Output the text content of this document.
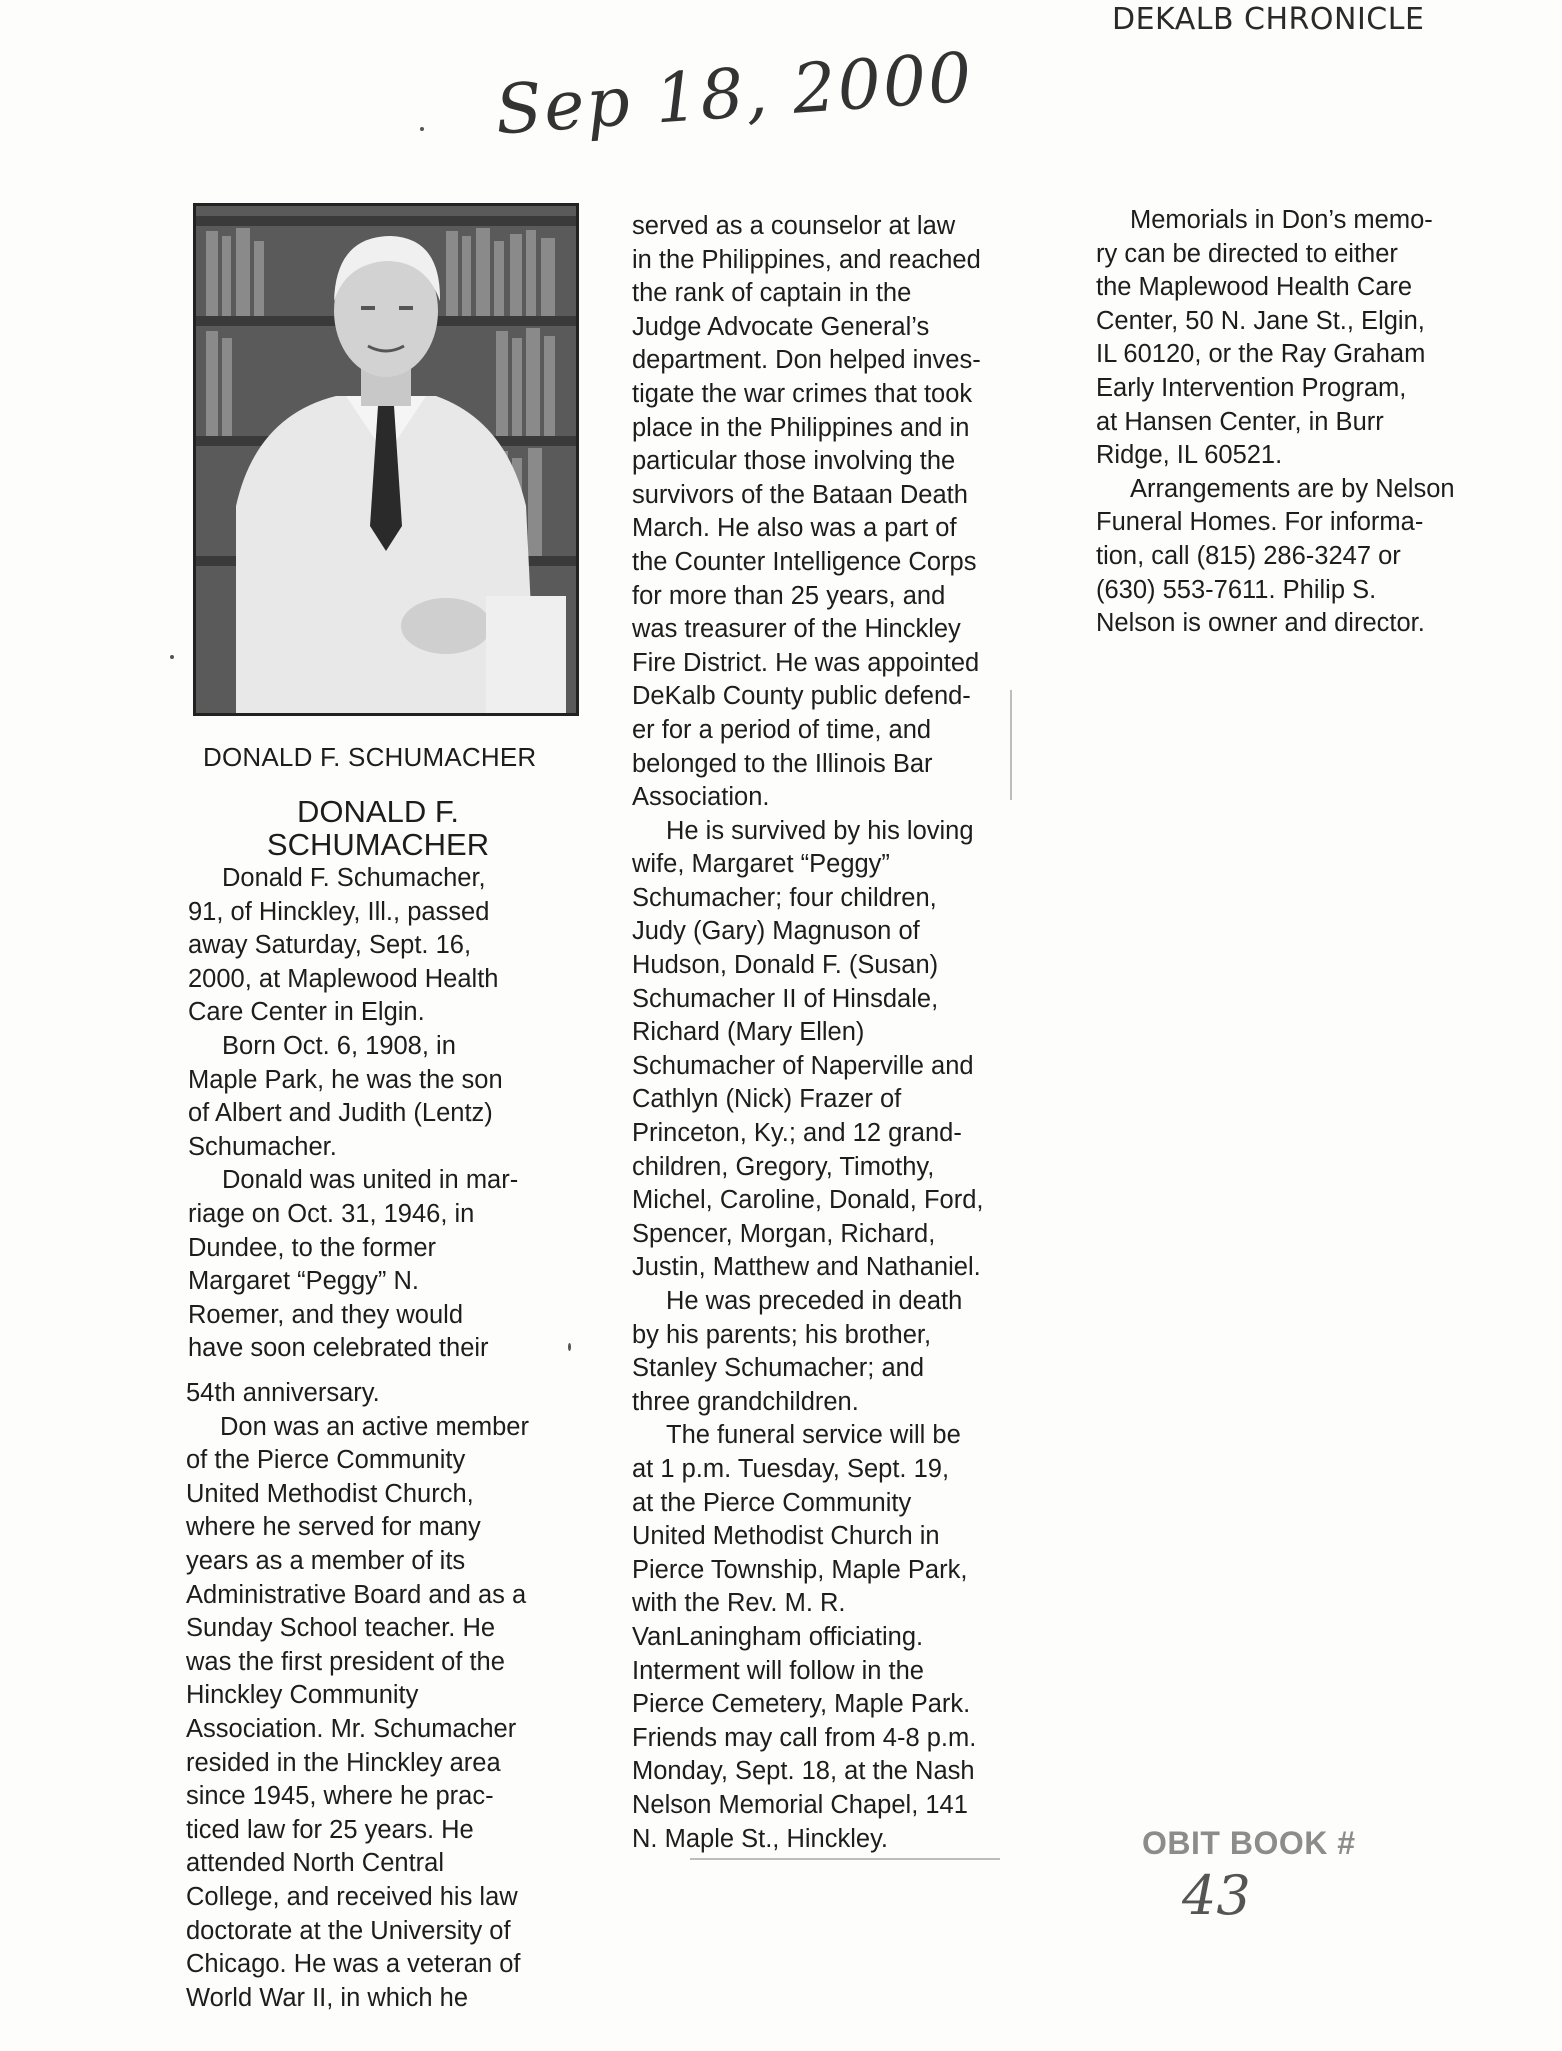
DEKALB CHRONICLE
Sep 18, 2000
DONALD F. SCHUMACHER
DONALD F.
SCHUMACHER

Donald F. Schumacher,

91, of Hinckley, Ill., passed

away Saturday, Sept. 16,

2000, at Maplewood Health

Care Center in Elgin.

Born Oct. 6, 1908, in

Maple Park, he was the son

of Albert and Judith (Lentz)

Schumacher.

Donald was united in mar-

riage on Oct. 31, 1946, in

Dundee, to the former

Margaret “Peggy” N.

Roemer, and they would

have soon celebrated their

54th anniversary.

Don was an active member

of the Pierce Community

United Methodist Church,

where he served for many

years as a member of its

Administrative Board and as a

Sunday School teacher. He

was the first president of the

Hinckley Community

Association. Mr. Schumacher

resided in the Hinckley area

since 1945, where he prac-

ticed law for 25 years. He

attended North Central

College, and received his law

doctorate at the University of

Chicago. He was a veteran of

World War II, in which he

served as a counselor at law

in the Philippines, and reached

the rank of captain in the

Judge Advocate General’s

department. Don helped inves-

tigate the war crimes that took

place in the Philippines and in

particular those involving the

survivors of the Bataan Death

March. He also was a part of

the Counter Intelligence Corps

for more than 25 years, and

was treasurer of the Hinckley

Fire District. He was appointed

DeKalb County public defend-

er for a period of time, and

belonged to the Illinois Bar

Association.

He is survived by his loving

wife, Margaret “Peggy”

Schumacher; four children,

Judy (Gary) Magnuson of

Hudson, Donald F. (Susan)

Schumacher II of Hinsdale,

Richard (Mary Ellen)

Schumacher of Naperville and

Cathlyn (Nick) Frazer of

Princeton, Ky.; and 12 grand-

children, Gregory, Timothy,

Michel, Caroline, Donald, Ford,

Spencer, Morgan, Richard,

Justin, Matthew and Nathaniel.

He was preceded in death

by his parents; his brother,

Stanley Schumacher; and

three grandchildren.

The funeral service will be

at 1 p.m. Tuesday, Sept. 19,

at the Pierce Community

United Methodist Church in

Pierce Township, Maple Park,

with the Rev. M. R.

VanLaningham officiating.

Interment will follow in the

Pierce Cemetery, Maple Park.

Friends may call from 4-8 p.m.

Monday, Sept. 18, at the Nash

Nelson Memorial Chapel, 141

N. Maple St., Hinckley.

Memorials in Don’s memo-

ry can be directed to either

the Maplewood Health Care

Center, 50 N. Jane St., Elgin,

IL 60120, or the Ray Graham

Early Intervention Program,

at Hansen Center, in Burr

Ridge, IL 60521.

Arrangements are by Nelson

Funeral Homes. For informa-

tion, call (815) 286-3247 or

(630) 553-7611. Philip S.

Nelson is owner and director.

OBIT BOOK #
43
